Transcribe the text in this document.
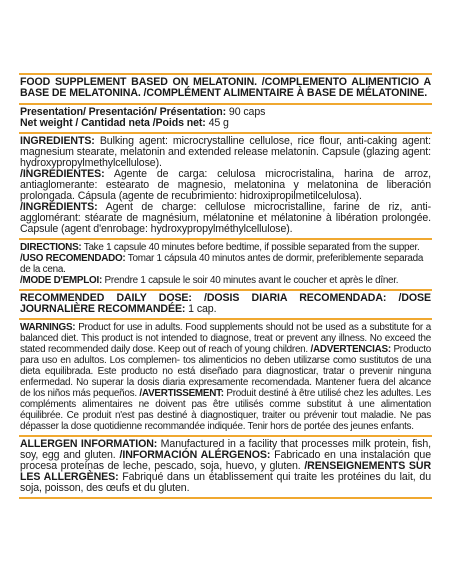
FOOD SUPPLEMENT BASED ON MELATONIN. /COMPLEMENTO ALIMENTICIO A BASE DE MELATONINA. /COMPLÉMENT ALIMENTAIRE À BASE DE MÉLATONINE.
Presentation/ Presentación/ Présentation: 90 caps
Net weight / Cantidad neta /Poids net: 45 g
INGREDIENTS: Bulking agent: microcrystalline cellulose, rice flour, anti-caking agent: magnesium stearate, melatonin and extended release melatonin. Capsule (glazing agent: hydroxypropylmethylcellulose).
/INGREDIENTES: Agente de carga: celulosa microcristalina, harina de arroz, antiaglomerante: estearato de magnesio, melatonina y melatonina de liberación prolongada. Cápsula (agente de recubrimiento: hidroxipropilmetilcelulosa).
/INGRÉDIENTS: Agent de charge: cellulose microcristalline, farine de riz, anti-agglomérant: stéarate de magnésium, mélatonine et mélatonine à libération prolongée. Capsule (agent d'enrobage: hydroxypropylméthylcellulose).
DIRECTIONS: Take 1 capsule 40 minutes before bedtime, if possible separated from the supper.
/USO RECOMENDADO: Tomar 1 cápsula 40 minutos antes de dormir, preferiblemente separada de la cena.
/MODE D'EMPLOI: Prendre 1 capsule le soir 40 minutes avant le coucher et après le dîner.
RECOMMENDED DAILY DOSE: /DOSIS DIARIA RECOMENDADA: /DOSE JOURNALIÈRE RECOMMANDÉE: 1 cap.
WARNINGS: Product for use in adults. Food supplements should not be used as a substitute for a balanced diet. This product is not intended to diagnose, treat or prevent any illness. No exceed the stated recommended daily dose. Keep out of reach of young children. /ADVERTENCIAS: Producto para uso en adultos. Los complemen- tos alimenticios no deben utilizarse como sustitutos de una dieta equilibrada. Este producto no está diseñado para diagnosticar, tratar o prevenir ninguna enfermedad. No superar la dosis diaria expresamente recomendada. Mantener fuera del alcance de los niños más pequeños. /AVERTISSEMENT: Produit destiné à être utilisé chez les adultes. Les compléments alimentaires ne doivent pas être utilisés comme substitut à une alimentation équilibrée. Ce produit n'est pas destiné à diagnostiquer, traiter ou prévenir tout maladie. Ne pas dépasser la dose quotidienne recommandée indiquée. Tenir hors de portée des jeunes enfants.
ALLERGEN INFORMATION: Manufactured in a facility that processes milk protein, fish, soy, egg and gluten. /INFORMACIÓN ALÉRGENOS: Fabricado en una instalación que procesa proteínas de leche, pescado, soja, huevo, y gluten. /RENSEIGNEMENTS SUR LES ALLERGÈNES: Fabriqué dans un établissement qui traite les protéines du lait, du soja, poisson, des œufs et du gluten.
